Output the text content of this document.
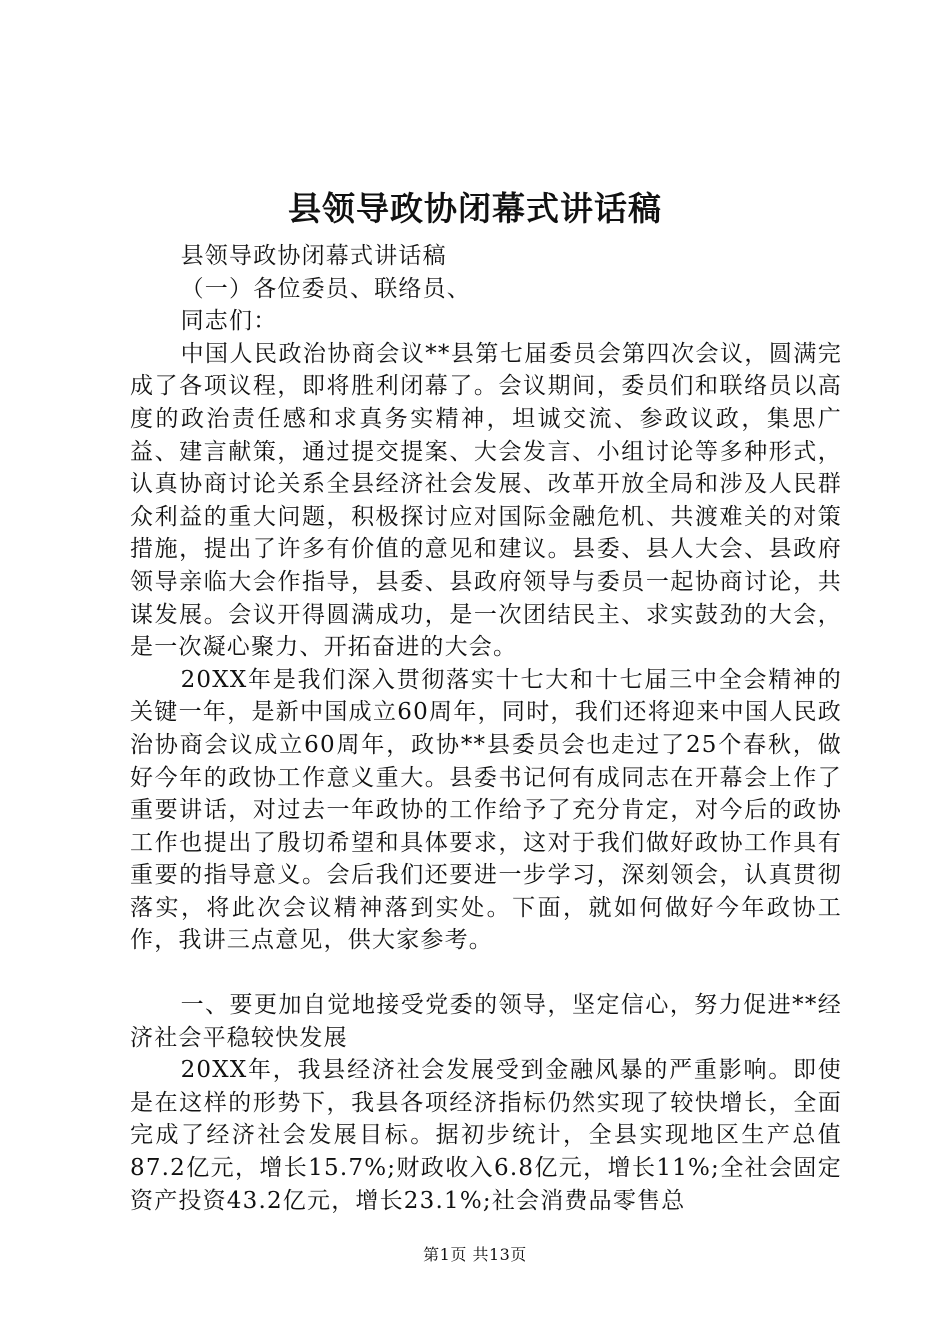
县领导政协闭幕式讲话稿

县领导政协闭幕式讲话稿

（一）各位委员、联络员、

同志们：

中国人民政治协商会议**县第七届委员会第四次会议，圆满完成了各项议程，即将胜利闭幕了。会议期间，委员们和联络员以高度的政治责任感和求真务实精神，坦诚交流、参政议政，集思广益、建言献策，通过提交提案、大会发言、小组讨论等多种形式，认真协商讨论关系全县经济社会发展、改革开放全局和涉及人民群众利益的重大问题，积极探讨应对国际金融危机、共渡难关的对策措施，提出了许多有价值的意见和建议。县委、县人大会、县政府领导亲临大会作指导，县委、县政府领导与委员一起协商讨论，共谋发展。会议开得圆满成功，是一次团结民主、求实鼓劲的大会，是一次凝心聚力、开拓奋进的大会。

20XX年是我们深入贯彻落实十七大和十七届三中全会精神的关键一年，是新中国成立60周年，同时，我们还将迎来中国人民政治协商会议成立60周年，政协**县委员会也走过了25个春秋，做好今年的政协工作意义重大。县委书记何有成同志在开幕会上作了重要讲话，对过去一年政协的工作给予了充分肯定，对今后的政协工作也提出了殷切希望和具体要求，这对于我们做好政协工作具有重要的指导意义。会后我们还要进一步学习，深刻领会，认真贯彻落实，将此次会议精神落到实处。下面，就如何做好今年政协工作，我讲三点意见，供大家参考。

一、要更加自觉地接受党委的领导，坚定信心，努力促进**经济社会平稳较快发展

20XX年，我县经济社会发展受到金融风暴的严重影响。即使是在这样的形势下，我县各项经济指标仍然实现了较快增长，全面完成了经济社会发展目标。据初步统计，全县实现地区生产总值87.2亿元，增长15.7%;财政收入6.8亿元，增长11%;全社会固定资产投资43.2亿元，增长23.1%;社会消费品零售总

第1页 共13页
